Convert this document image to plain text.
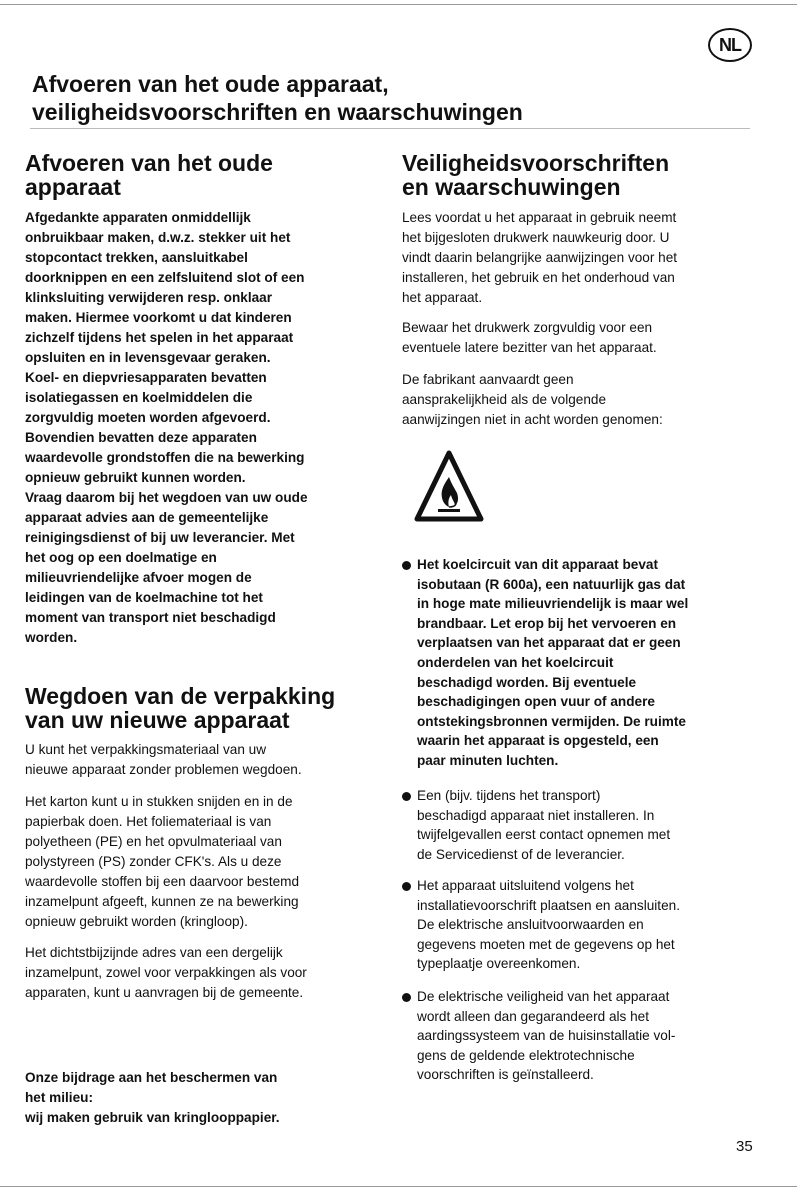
NL
Afvoeren van het oude apparaat,
veiligheidsvoorschriften en waarschuwingen
Afvoeren van het oude
apparaat
Afgedankte apparaten onmiddellijk
onbruikbaar maken, d.w.z. stekker uit het
stopcontact trekken, aansluitkabel
doorknippen en een zelfsluitend slot of een
klinksluiting verwijderen resp. onklaar
maken. Hiermee voorkomt u dat kinderen
zichzelf tijdens het spelen in het apparaat
opsluiten en in levensgevaar geraken.
Koel- en diepvriesapparaten bevatten
isolatiegassen en koelmiddelen die
zorgvuldig moeten worden afgevoerd.
Bovendien bevatten deze apparaten
waardevolle grondstoffen die na bewerking
opnieuw gebruikt kunnen worden.
Vraag daarom bij het wegdoen van uw oude
apparaat advies aan de gemeentelijke
reinigingsdienst of bij uw leverancier. Met
het oog op een doelmatige en
milieuvriendelijke afvoer mogen de
leidingen van de koelmachine tot het
moment van transport niet beschadigd
worden.
Wegdoen van de verpakking
van uw nieuwe apparaat
U kunt het verpakkingsmateriaal van uw
nieuwe apparaat zonder problemen wegdoen.
Het karton kunt u in stukken snijden en in de
papierbak doen. Het foliemateriaal is van
polyetheen (PE) en het opvulmateriaal van
polystyreen (PS) zonder CFK's. Als u deze
waardevolle stoffen bij een daarvoor bestemd
inzamelpunt afgeeft, kunnen ze na bewerking
opnieuw gebruikt worden (kringloop).
Het dichtstbijzijnde adres van een dergelijk
inzamelpunt, zowel voor verpakkingen als voor
apparaten, kunt u aanvragen bij de gemeente.
Onze bijdrage aan het beschermen van
het milieu:
wij maken gebruik van kringlooppapier.
Veiligheidsvoorschriften
en waarschuwingen
Lees voordat u het apparaat in gebruik neemt
het bijgesloten drukwerk nauwkeurig door. U
vindt daarin belangrijke aanwijzingen voor het
installeren, het gebruik en het onderhoud van
het apparaat.
Bewaar het drukwerk zorgvuldig voor een
eventuele latere bezitter van het apparaat.
De fabrikant aanvaardt geen
aansprakelijkheid als de volgende
aanwijzingen niet in acht worden genomen:
Het koelcircuit van dit apparaat bevat
isobutaan (R 600a), een natuurlijk gas dat
in hoge mate milieuvriendelijk is maar wel
brandbaar. Let erop bij het vervoeren en
verplaatsen van het apparaat dat er geen
onderdelen van het koelcircuit
beschadigd worden. Bij eventuele
beschadigingen open vuur of andere
ontstekingsbronnen vermijden. De ruimte
waarin het apparaat is opgesteld, een
paar minuten luchten.
Een (bijv. tijdens het transport)
beschadigd apparaat niet installeren. In
twijfelgevallen eerst contact opnemen met
de Servicedienst of de leverancier.
Het apparaat uitsluitend volgens het
installatievoorschrift plaatsen en aansluiten.
De elektrische ansluitvoorwaarden en
gegevens moeten met de gegevens op het
typeplaatje overeenkomen.
De elektrische veiligheid van het apparaat
wordt alleen dan gegarandeerd als het
aardingssysteem van de huisinstallatie vol-
gens de geldende elektrotechnische
voorschriften is geïnstalleerd.
35
